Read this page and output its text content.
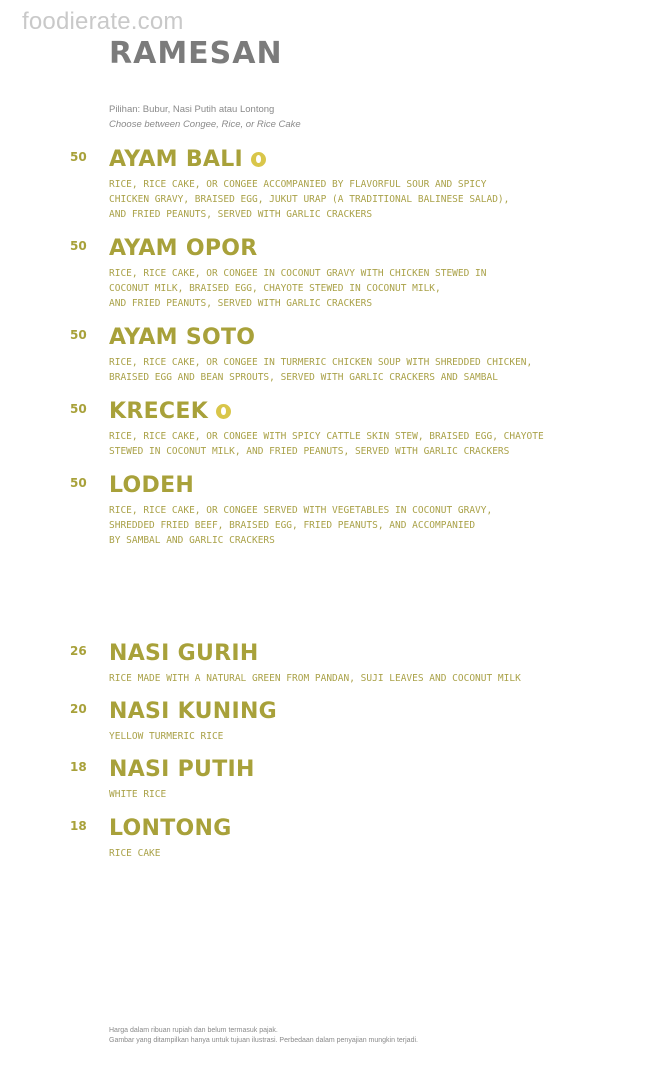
foodierate.com
RAMESAN
Pilihan: Bubur, Nasi Putih atau Lontong
Choose between Congee, Rice, or Rice Cake
50 AYAM BALI
RICE, RICE CAKE, OR CONGEE ACCOMPANIED BY FLAVORFUL SOUR AND SPICY
CHICKEN GRAVY, BRAISED EGG, JUKUT URAP (A TRADITIONAL BALINESE SALAD),
AND FRIED PEANUTS, SERVED WITH GARLIC CRACKERS
50 AYAM OPOR
RICE, RICE CAKE, OR CONGEE IN COCONUT GRAVY WITH CHICKEN STEWED IN
COCONUT MILK, BRAISED EGG, CHAYOTE STEWED IN COCONUT MILK,
AND FRIED PEANUTS, SERVED WITH GARLIC CRACKERS
50 AYAM SOTO
RICE, RICE CAKE, OR CONGEE IN TURMERIC CHICKEN SOUP WITH SHREDDED CHICKEN,
BRAISED EGG AND BEAN SPROUTS, SERVED WITH GARLIC CRACKERS AND SAMBAL
50 KRECEK
RICE, RICE CAKE, OR CONGEE WITH SPICY CATTLE SKIN STEW, BRAISED EGG, CHAYOTE
STEWED IN COCONUT MILK, AND FRIED PEANUTS, SERVED WITH GARLIC CRACKERS
50 LODEH
RICE, RICE CAKE, OR CONGEE SERVED WITH VEGETABLES IN COCONUT GRAVY,
SHREDDED FRIED BEEF, BRAISED EGG, FRIED PEANUTS, AND ACCOMPANIED
BY SAMBAL AND GARLIC CRACKERS
26 NASI GURIH
RICE MADE WITH A NATURAL GREEN FROM PANDAN, SUJI LEAVES AND COCONUT MILK
20 NASI KUNING
YELLOW TURMERIC RICE
18 NASI PUTIH
WHITE RICE
18 LONTONG
RICE CAKE
Harga dalam ribuan rupiah dan belum termasuk pajak.
Gambar yang ditampilkan hanya untuk tujuan ilustrasi. Perbedaan dalam penyajian mungkin terjadi.
